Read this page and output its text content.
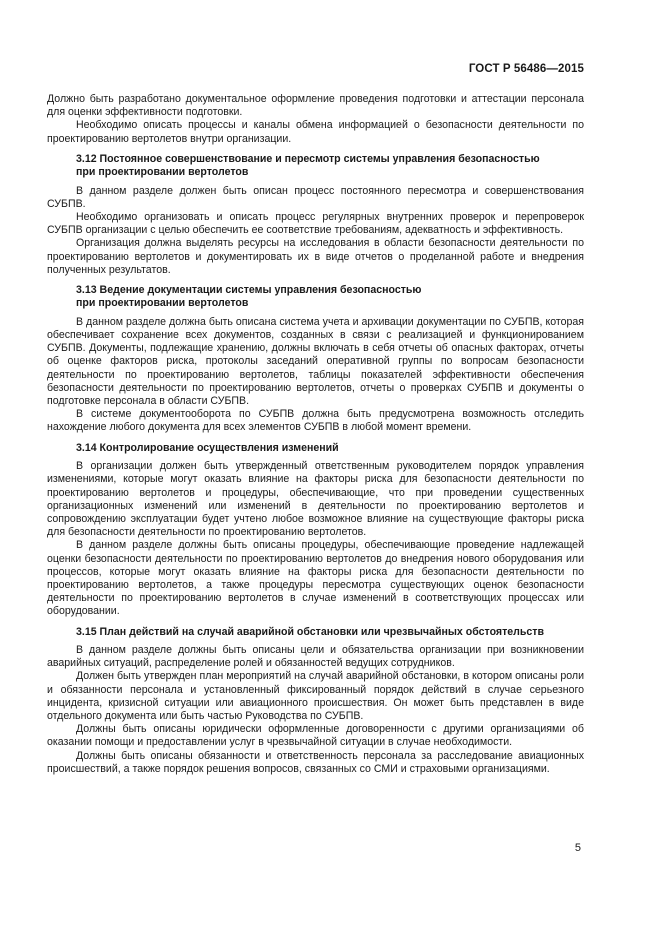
ГОСТ Р 56486—2015

Должно быть разработано документальное оформление проведения подготовки и аттестации персонала для оценки эффективности подготовки.

Необходимо описать процессы и каналы обмена информацией о безопасности деятельности по проектированию вертолетов внутри организации.

3.12 Постоянное совершенствование и пересмотр системы управления безопасностью
при проектировании вертолетов

В данном разделе должен быть описан процесс постоянного пересмотра и совершенствования СУБПВ.

Необходимо организовать и описать процесс регулярных внутренних проверок и перепроверок СУБПВ организации с целью обеспечить ее соответствие требованиям, адекватность и эффективность.

Организация должна выделять ресурсы на исследования в области безопасности деятельности по проектированию вертолетов и документировать их в виде отчетов о проделанной работе и внедрения полученных результатов.

3.13 Ведение документации системы управления безопасностью
при проектировании вертолетов

В данном разделе должна быть описана система учета и архивации документации по СУБПВ, которая обеспечивает сохранение всех документов, созданных в связи с реализацией и функционированием СУБПВ. Документы, подлежащие хранению, должны включать в себя отчеты об опасных факторах, отчеты об оценке факторов риска, протоколы заседаний оперативной группы по вопросам безопасности деятельности по проектированию вертолетов, таблицы показателей эффективности обеспечения безопасности деятельности по проектированию вертолетов, отчеты о проверках СУБПВ и документы о подготовке персонала в области СУБПВ.

В системе документооборота по СУБПВ должна быть предусмотрена возможность отследить нахождение любого документа для всех элементов СУБПВ в любой момент времени.

3.14 Контролирование осуществления изменений

В организации должен быть утвержденный ответственным руководителем порядок управления изменениями, которые могут оказать влияние на факторы риска для безопасности деятельности по проектированию вертолетов и процедуры, обеспечивающие, что при проведении существенных организационных изменений или изменений в деятельности по проектированию вертолетов и сопровождению эксплуатации будет учтено любое возможное влияние на существующие факторы риска для безопасности деятельности по проектированию вертолетов.

В данном разделе должны быть описаны процедуры, обеспечивающие проведение надлежащей оценки безопасности деятельности по проектированию вертолетов до внедрения нового оборудования или процессов, которые могут оказать влияние на факторы риска для безопасности деятельности по проектированию вертолетов, а также процедуры пересмотра существующих оценок безопасности деятельности по проектированию вертолетов в случае изменений в соответствующих процессах или оборудовании.

3.15 План действий на случай аварийной обстановки или чрезвычайных обстоятельств

В данном разделе должны быть описаны цели и обязательства организации при возникновении аварийных ситуаций, распределение ролей и обязанностей ведущих сотрудников.

Должен быть утвержден план мероприятий на случай аварийной обстановки, в котором описаны роли и обязанности персонала и установленный фиксированный порядок действий в случае серьезного инцидента, кризисной ситуации или авиационного происшествия. Он может быть представлен в виде отдельного документа или быть частью Руководства по СУБПВ.

Должны быть описаны юридически оформленные договоренности с другими организациями об оказании помощи и предоставлении услуг в чрезвычайной ситуации в случае необходимости.

Должны быть описаны обязанности и ответственность персонала за расследование авиационных происшествий, а также порядок решения вопросов, связанных со СМИ и страховыми организациями.

5
